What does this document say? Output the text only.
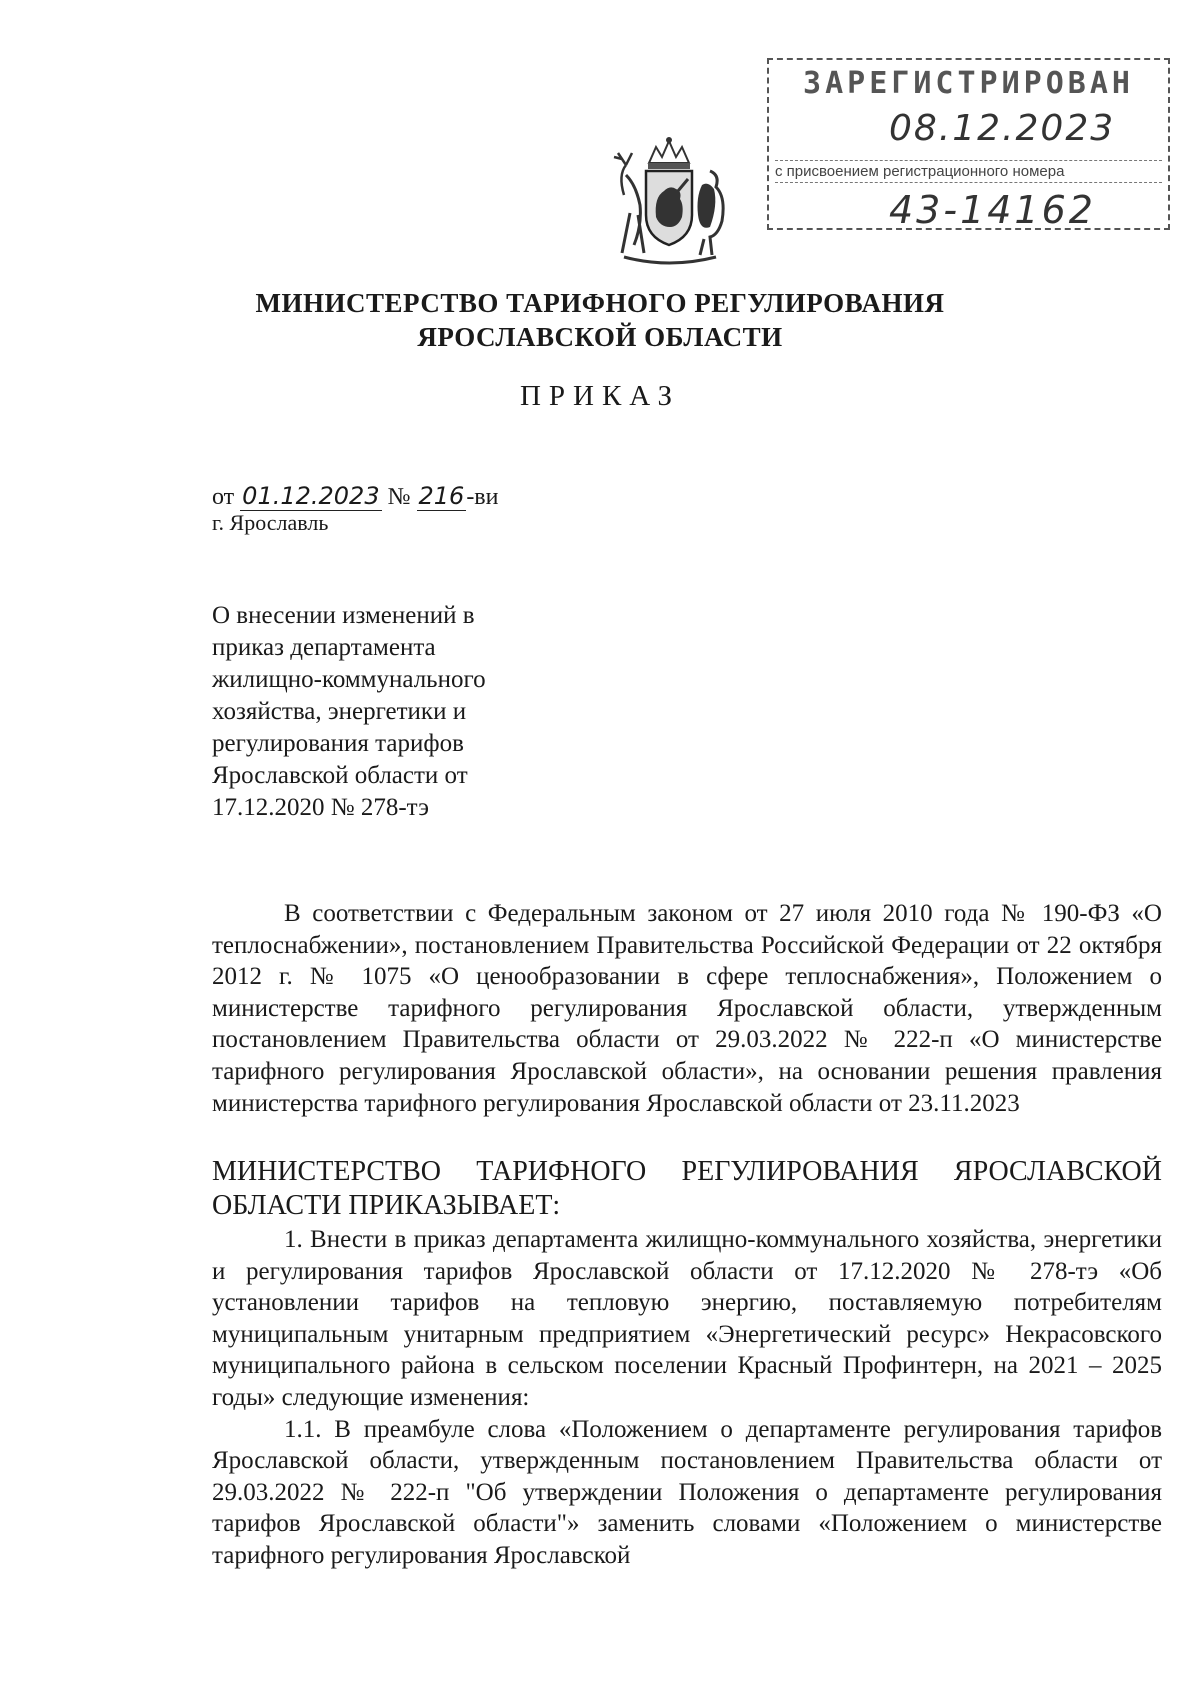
ЗАРЕГИСТРИРОВАН
08.12.2023
с присвоением регистрационного номера
43-14162
МИНИСТЕРСТВО ТАРИФНОГО РЕГУЛИРОВАНИЯ
ЯРОСЛАВСКОЙ ОБЛАСТИ
ПРИКАЗ
от 01.12.2023 № 216-ви
г. Ярославль
О внесении изменений в приказ департамента жилищно-коммунального хозяйства, энергетики и регулирования тарифов Ярославской области от 17.12.2020 № 278-тэ

В соответствии с Федеральным законом от 27 июля 2010 года № 190-ФЗ «О теплоснабжении», постановлением Правительства Российской Федерации от 22 октября 2012 г. № 1075 «О ценообразовании в сфере теплоснабжения», Положением о министерстве тарифного регулирования Ярославской области, утвержденным постановлением Правительства области от 29.03.2022 № 222-п «О министерстве тарифного регулирования Ярославской области», на основании решения правления министерства тарифного регулирования Ярославской области от 23.11.2023

МИНИСТЕРСТВО ТАРИФНОГО РЕГУЛИРОВАНИЯ ЯРОСЛАВСКОЙ ОБЛАСТИ ПРИКАЗЫВАЕТ:

1. Внести в приказ департамента жилищно-коммунального хозяйства, энергетики и регулирования тарифов Ярославской области от 17.12.2020 № 278-тэ «Об установлении тарифов на тепловую энергию, поставляемую потребителям муниципальным унитарным предприятием «Энергетический ресурс» Некрасовского муниципального района в сельском поселении Красный Профинтерн, на 2021 – 2025 годы» следующие изменения:

1.1. В преамбуле слова «Положением о департаменте регулирования тарифов Ярославской области, утвержденным постановлением Правительства области от 29.03.2022 № 222-п "Об утверждении Положения о департаменте регулирования тарифов Ярославской области"» заменить словами «Положением о министерстве тарифного регулирования Ярославской
